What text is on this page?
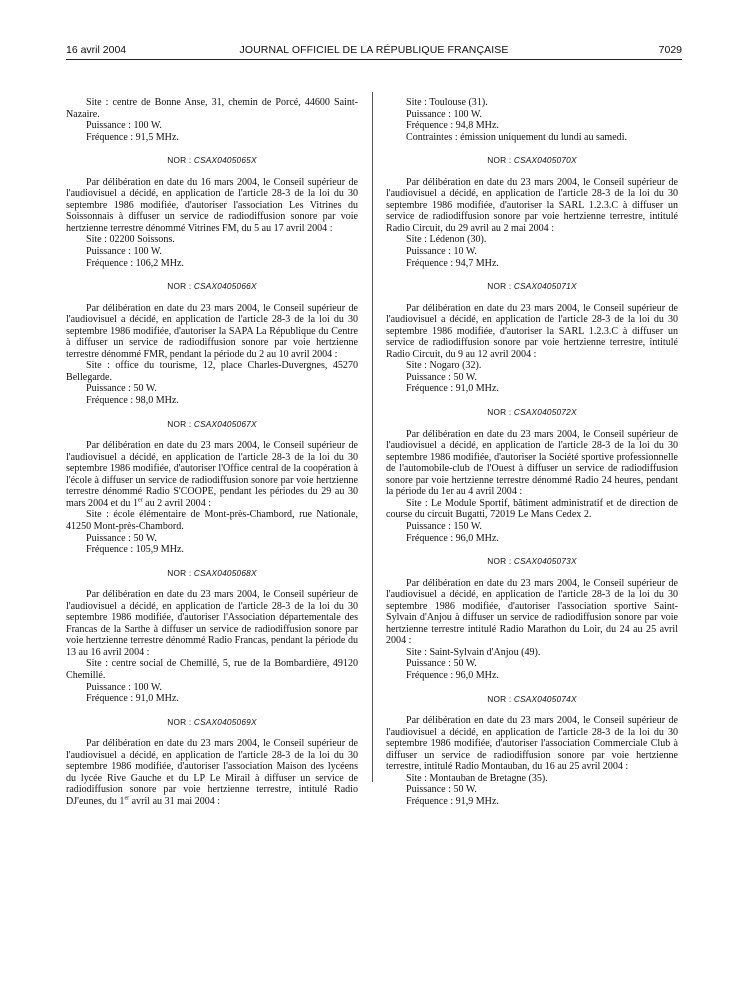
16 avril 2004	JOURNAL OFFICIEL DE LA RÉPUBLIQUE FRANÇAISE	7029

Site : centre de Bonne Anse, 31, chemin de Porcé, 44600 Saint-Nazaire.

Puissance : 100 W.

Fréquence : 91,5 MHz.

NOR : CSAX0405065X

Par délibération en date du 16 mars 2004, le Conseil supérieur de l'audiovisuel a décidé, en application de l'article 28-3 de la loi du 30 septembre 1986 modifiée, d'autoriser l'association Les Vitrines du Soissonnais à diffuser un service de radiodiffusion sonore par voie hertzienne terrestre dénommé Vitrines FM, du 5 au 17 avril 2004 :

Site : 02200 Soissons.

Puissance : 100 W.

Fréquence : 106,2 MHz.

NOR : CSAX0405066X

Par délibération en date du 23 mars 2004, le Conseil supérieur de l'audiovisuel a décidé, en application de l'article 28-3 de la loi du 30 septembre 1986 modifiée, d'autoriser la SAPA La République du Centre à diffuser un service de radiodiffusion sonore par voie hertzienne terrestre dénommé FMR, pendant la période du 2 au 10 avril 2004 :

Site : office du tourisme, 12, place Charles-Duvergnes, 45270 Bellegarde.

Puissance : 50 W.

Fréquence : 98,0 MHz.

NOR : CSAX0405067X

Par délibération en date du 23 mars 2004, le Conseil supérieur de l'audiovisuel a décidé, en application de l'article 28-3 de la loi du 30 septembre 1986 modifiée, d'autoriser l'Office central de la coopération à l'école à diffuser un service de radiodiffusion sonore par voie hertzienne terrestre dénommé Radio S'COOPE, pendant les périodes du 29 au 30 mars 2004 et du 1er au 2 avril 2004 :

Site : école élémentaire de Mont-près-Chambord, rue Nationale, 41250 Mont-près-Chambord.

Puissance : 50 W.

Fréquence : 105,9 MHz.

NOR : CSAX0405068X

Par délibération en date du 23 mars 2004, le Conseil supérieur de l'audiovisuel a décidé, en application de l'article 28-3 de la loi du 30 septembre 1986 modifiée, d'autoriser l'Association départementale des Francas de la Sarthe à diffuser un service de radiodiffusion sonore par voie hertzienne terrestre dénommé Radio Francas, pendant la période du 13 au 16 avril 2004 :

Site : centre social de Chemillé, 5, rue de la Bombardière, 49120 Chemillé.

Puissance : 100 W.

Fréquence : 91,0 MHz.

NOR : CSAX0405069X

Par délibération en date du 23 mars 2004, le Conseil supérieur de l'audiovisuel a décidé, en application de l'article 28-3 de la loi du 30 septembre 1986 modifiée, d'autoriser l'association Maison des lycéens du lycée Rive Gauche et du LP Le Mirail à diffuser un service de radiodiffusion sonore par voie hertzienne terrestre, intitulé Radio DJ'eunes, du 1er avril au 31 mai 2004 :

Site : Toulouse (31).

Puissance : 100 W.

Fréquence : 94,8 MHz.

Contraintes : émission uniquement du lundi au samedi.

NOR : CSAX0405070X

Par délibération en date du 23 mars 2004, le Conseil supérieur de l'audiovisuel a décidé, en application de l'article 28-3 de la loi du 30 septembre 1986 modifiée, d'autoriser la SARL 1.2.3.C à diffuser un service de radiodiffusion sonore par voie hertzienne terrestre, intitulé Radio Circuit, du 29 avril au 2 mai 2004 :

Site : Lédenon (30).

Puissance : 10 W.

Fréquence : 94,7 MHz.

NOR : CSAX0405071X

Par délibération en date du 23 mars 2004, le Conseil supérieur de l'audiovisuel a décidé, en application de l'article 28-3 de la loi du 30 septembre 1986 modifiée, d'autoriser la SARL 1.2.3.C à diffuser un service de radiodiffusion sonore par voie hertzienne terrestre, intitulé Radio Circuit, du 9 au 12 avril 2004 :

Site : Nogaro (32).

Puissance : 50 W.

Fréquence : 91,0 MHz.

NOR : CSAX0405072X

Par délibération en date du 23 mars 2004, le Conseil supérieur de l'audiovisuel a décidé, en application de l'article 28-3 de la loi du 30 septembre 1986 modifiée, d'autoriser la Société sportive professionnelle de l'automobile-club de l'Ouest à diffuser un service de radiodiffusion sonore par voie hertzienne terrestre dénommé Radio 24 heures, pendant la période du 1er au 4 avril 2004 :

Site : Le Module Sportif, bâtiment administratif et de direction de course du circuit Bugatti, 72019 Le Mans Cedex 2.

Puissance : 150 W.

Fréquence : 96,0 MHz.

NOR : CSAX0405073X

Par délibération en date du 23 mars 2004, le Conseil supérieur de l'audiovisuel a décidé, en application de l'article 28-3 de la loi du 30 septembre 1986 modifiée, d'autoriser l'association sportive Saint-Sylvain d'Anjou à diffuser un service de radiodiffusion sonore par voie hertzienne terrestre intitulé Radio Marathon du Loir, du 24 au 25 avril 2004 :

Site : Saint-Sylvain d'Anjou (49).

Puissance : 50 W.

Fréquence : 96,0 MHz.

NOR : CSAX0405074X

Par délibération en date du 23 mars 2004, le Conseil supérieur de l'audiovisuel a décidé, en application de l'article 28-3 de la loi du 30 septembre 1986 modifiée, d'autoriser l'association Commerciale Club à diffuser un service de radiodiffusion sonore par voie hertzienne terrestre, intitulé Radio Montauban, du 16 au 25 avril 2004 :

Site : Montauban de Bretagne (35).

Puissance : 50 W.

Fréquence : 91,9 MHz.
